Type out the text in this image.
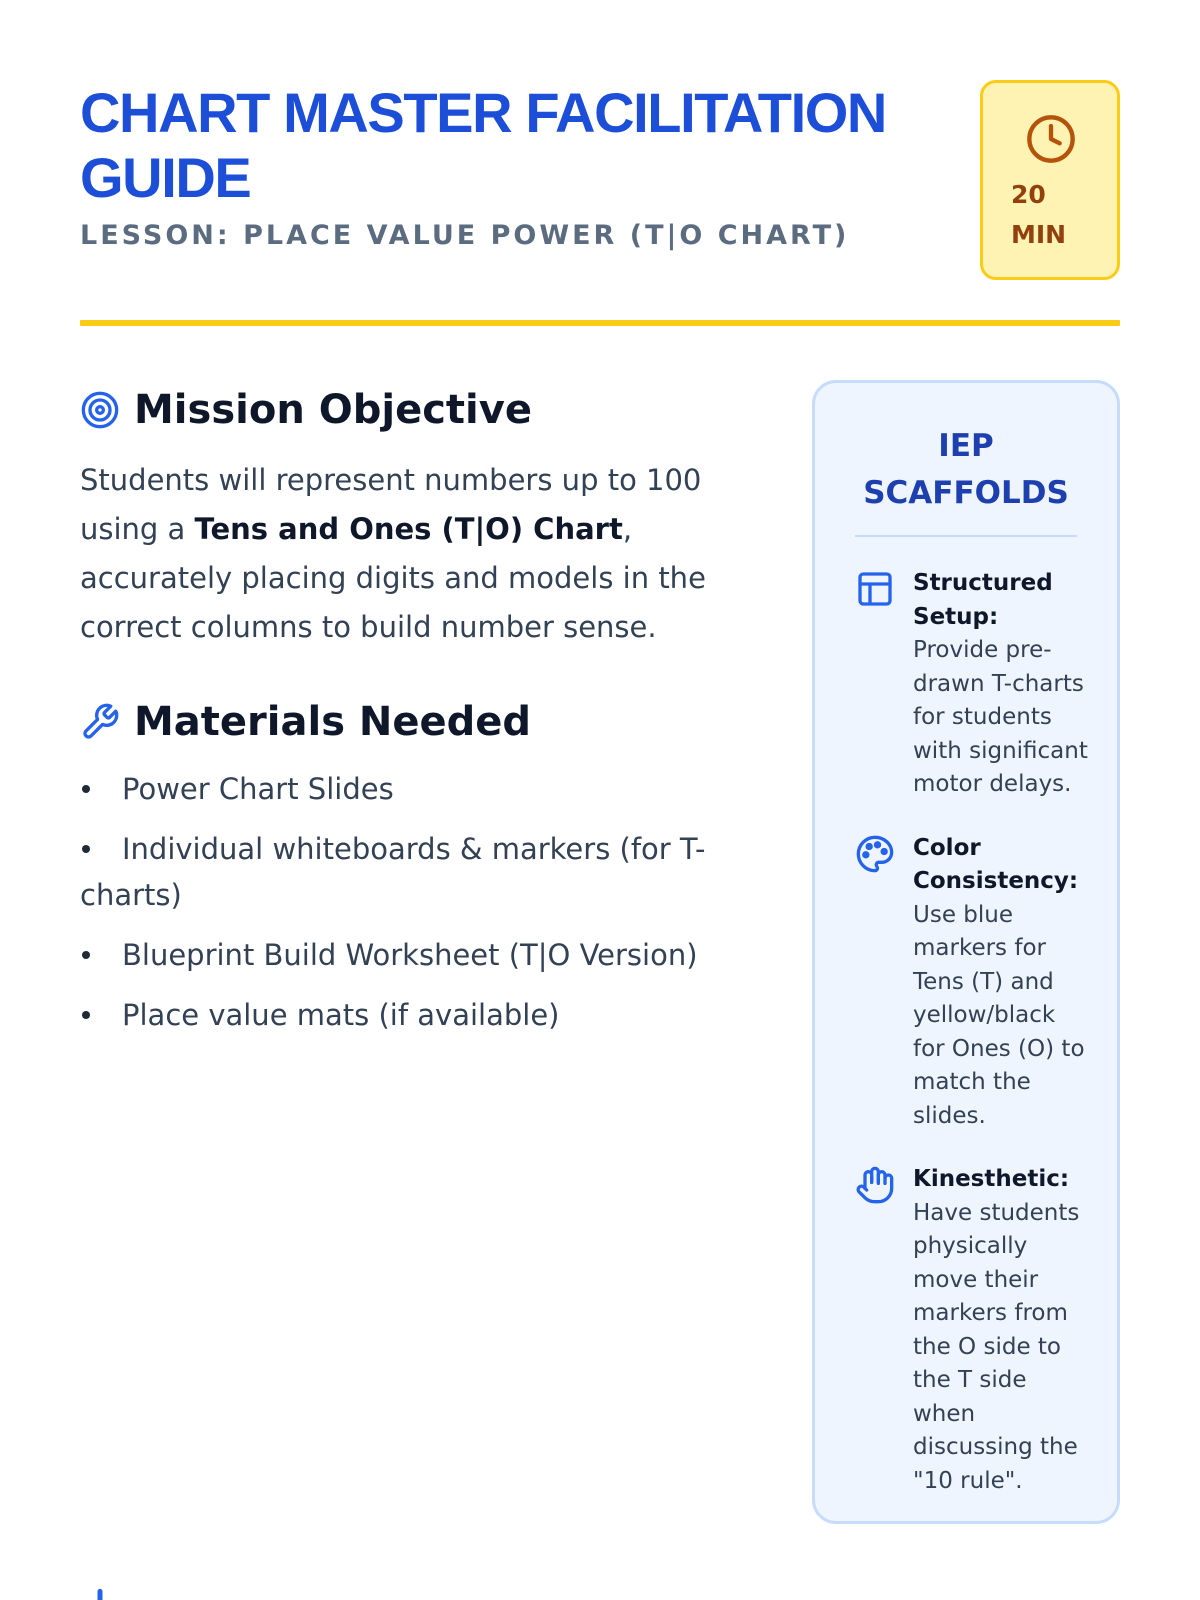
CHART MASTER FACILITATION GUIDE
LESSON: PLACE VALUE POWER (T|O CHART)
20 MIN
Mission Objective

Students will represent numbers up to 100 using a Tens and Ones (T|O) Chart, accurately placing digits and models in the correct columns to build number sense.

Materials Needed
Power Chart Slides
Individual whiteboards & markers (for T-charts)
Blueprint Build Worksheet (T|O Version)
Place value mats (if available)
IEP SCAFFOLDS
Structured Setup: Provide pre-drawn T-charts for students with significant motor delays.
Color Consistency: Use blue markers for Tens (T) and yellow/black for Ones (O) to match the slides.
Kinesthetic: Have students physically move their markers from the O side to the T side when discussing the "10 rule".
